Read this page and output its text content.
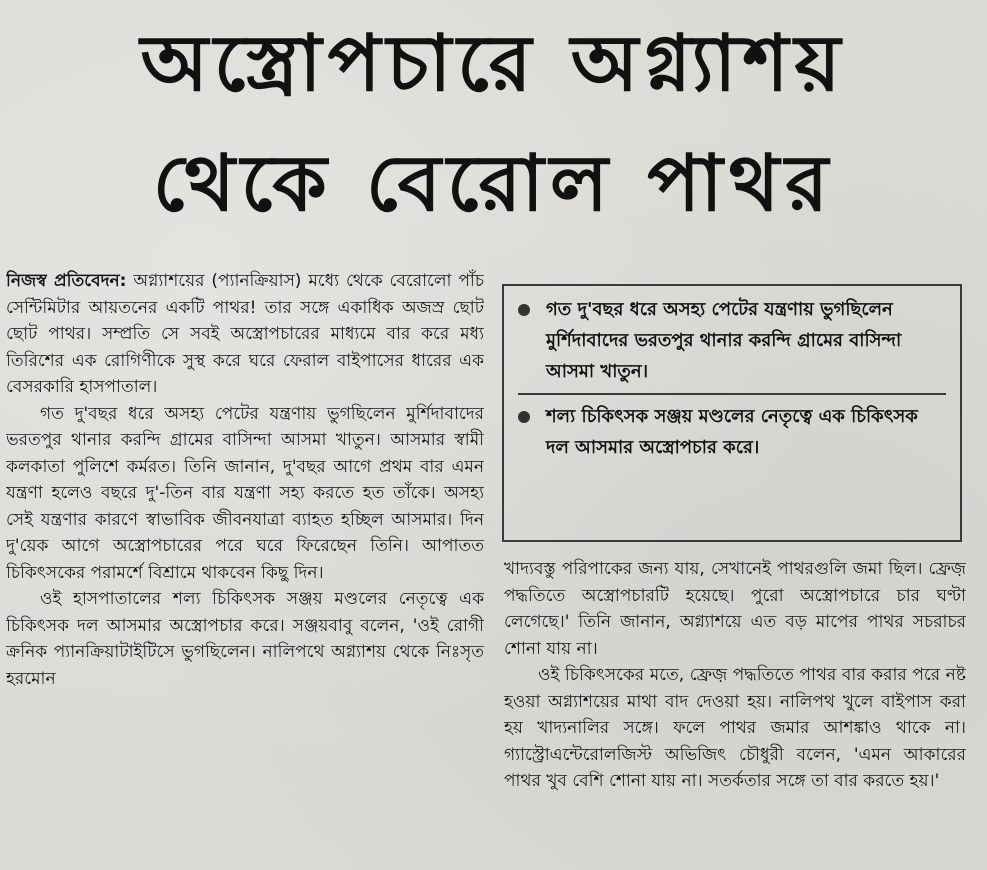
অস্ত্রোপচারে অগ্ন্যাশয়
থেকে বেরোল পাথর

নিজস্ব প্রতিবেদন: অগ্ন্যাশয়ের (প্যানক্রিয়াস) মধ্যে থেকে বেরোলো পাঁচ সেন্টিমিটার আয়তনের একটি পাথর! তার সঙ্গে একাধিক অজস্র ছোট ছোট পাথর। সম্প্রতি সে সবই অস্ত্রোপচারের মাধ্যমে বার করে মধ্য তিরিশের এক রোগিণীকে সুস্থ করে ঘরে ফেরাল বাইপাসের ধারের এক বেসরকারি হাসপাতাল।

গত দু'বছর ধরে অসহ্য পেটের যন্ত্রণায় ভুগছিলেন মুর্শিদাবাদের ভরতপুর থানার করন্দি গ্রামের বাসিন্দা আসমা খাতুন। আসমার স্বামী কলকাতা পুলিশে কর্মরত। তিনি জানান, দু'বছর আগে প্রথম বার এমন যন্ত্রণা হলেও বছরে দু'-তিন বার যন্ত্রণা সহ্য করতে হত তাঁকে। অসহ্য সেই যন্ত্রণার কারণে স্বাভাবিক জীবনযাত্রা ব্যাহত হচ্ছিল আসমার। দিন দু'য়েক আগে অস্ত্রোপচারের পরে ঘরে ফিরেছেন তিনি। আপাতত চিকিৎসকের পরামর্শে বিশ্রামে থাকবেন কিছু দিন।

ওই হাসপাতালের শল্য চিকিৎসক সঞ্জয় মণ্ডলের নেতৃত্বে এক চিকিৎসক দল আসমার অস্ত্রোপচার করে। সঞ্জয়বাবু বলেন, 'ওই রোগী ক্রনিক প্যানক্রিয়াটাইটিসে ভুগছিলেন। নালিপথে অগ্ন্যাশয় থেকে নিঃসৃত হরমোন

গত দু'বছর ধরে অসহ্য পেটের যন্ত্রণায় ভুগছিলেন মুর্শিদাবাদের ভরতপুর থানার করন্দি গ্রামের বাসিন্দা আসমা খাতুন।
শল্য চিকিৎসক সঞ্জয় মণ্ডলের নেতৃত্বে এক চিকিৎসক দল আসমার অস্ত্রোপচার করে।

খাদ্যবস্তু পরিপাকের জন্য যায়, সেখানেই পাথরগুলি জমা ছিল। ফ্রেজ় পদ্ধতিতে অস্ত্রোপচারটি হয়েছে। পুরো অস্ত্রোপচারে চার ঘণ্টা লেগেছে।' তিনি জানান, অগ্ন্যাশয়ে এত বড় মাপের পাথর সচরাচর শোনা যায় না।

ওই চিকিৎসকের মতে, ফ্রেজ় পদ্ধতিতে পাথর বার করার পরে নষ্ট হওয়া অগ্ন্যাশয়ের মাথা বাদ দেওয়া হয়। নালিপথ খুলে বাইপাস করা হয় খাদ্যনালির সঙ্গে। ফলে পাথর জমার আশঙ্কাও থাকে না। গ্যাস্ট্রোএন্টেরোলজিস্ট অভিজিৎ চৌধুরী বলেন, 'এমন আকারের পাথর খুব বেশি শোনা যায় না। সতর্কতার সঙ্গে তা বার করতে হয়।'
